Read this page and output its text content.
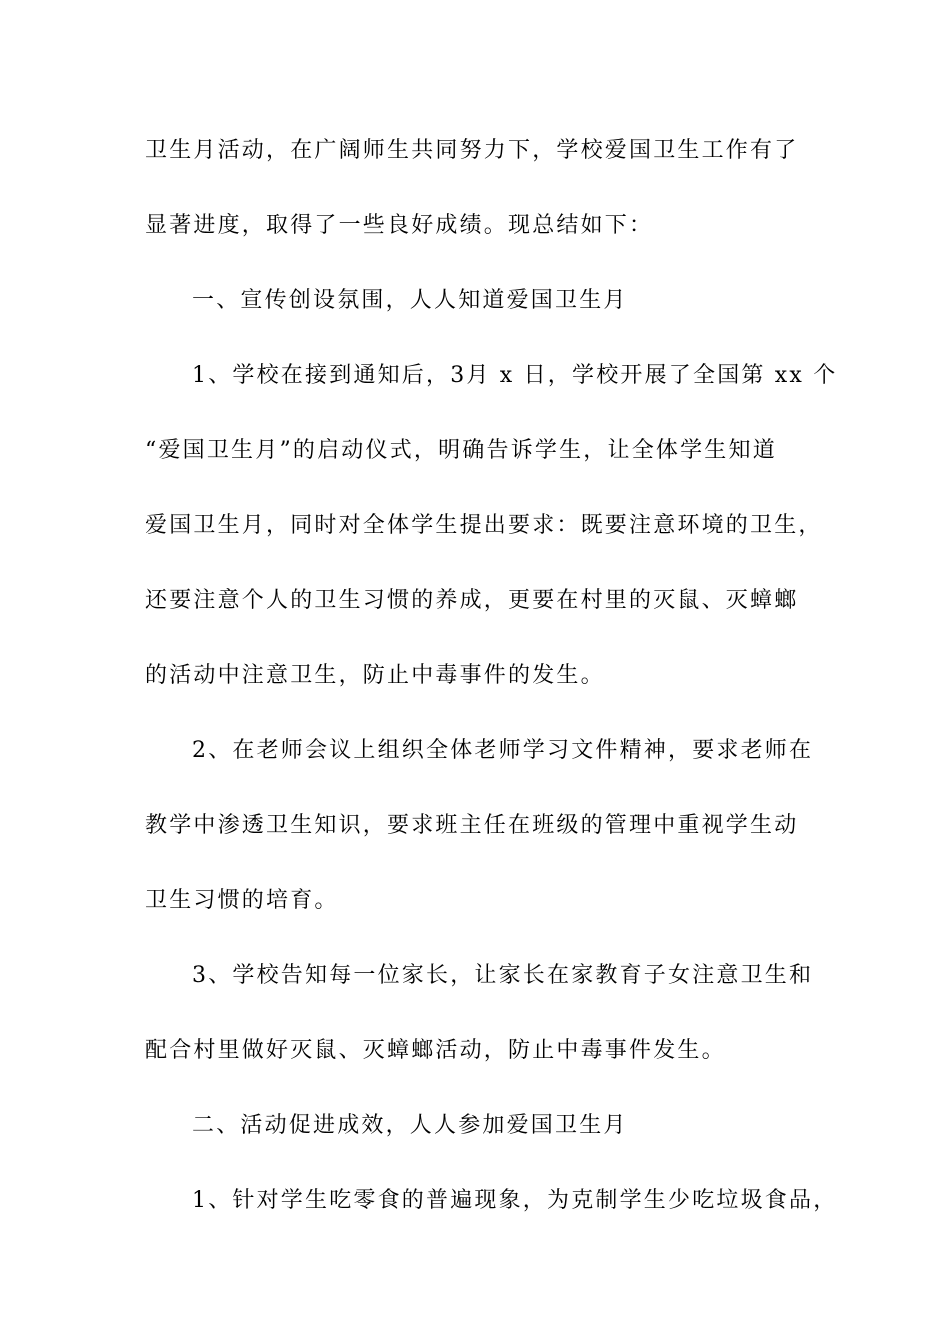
卫生月活动，在广阔师生共同努力下，学校爱国卫生工作有了
显著进度，取得了一些良好成绩。现总结如下：
一、宣传创设氛围，人人知道爱国卫生月
1、学校在接到通知后，3月 x 日，学校开展了全国第 xx 个
“爱国卫生月”的启动仪式，明确告诉学生，让全体学生知道
爱国卫生月，同时对全体学生提出要求：既要注意环境的卫生，
还要注意个人的卫生习惯的养成，更要在村里的灭鼠、灭蟑螂
的活动中注意卫生，防止中毒事件的发生。
2、在老师会议上组织全体老师学习文件精神，要求老师在
教学中渗透卫生知识，要求班主任在班级的管理中重视学生动
卫生习惯的培育。
3、学校告知每一位家长，让家长在家教育子女注意卫生和
配合村里做好灭鼠、灭蟑螂活动，防止中毒事件发生。
二、活动促进成效，人人参加爱国卫生月
1、针对学生吃零食的普遍现象，为克制学生少吃垃圾食品，
